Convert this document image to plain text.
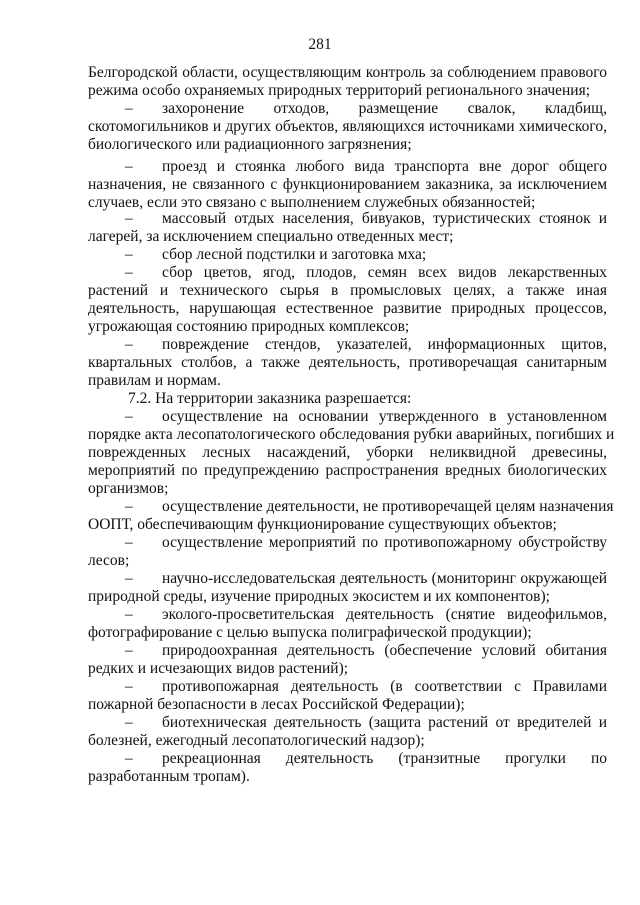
281
Белгородской области, осуществляющим контроль за соблюдением правового
режима особо охраняемых природных территорий регионального значения;
–	захоронение отходов, размещение свалок, кладбищ,
скотомогильников и других объектов, являющихся источниками химического,
биологического или радиационного загрязнения;
–	проезд и стоянка любого вида транспорта вне дорог общего
назначения, не связанного с функционированием заказника, за исключением
случаев, если это связано с выполнением служебных обязанностей;
–	массовый отдых населения, бивуаков, туристических стоянок и
лагерей, за исключением специально отведенных мест;
–	сбор лесной подстилки и заготовка мха;
–	сбор цветов, ягод, плодов, семян всех видов лекарственных
растений и технического сырья в промысловых целях, а также иная
деятельность, нарушающая естественное развитие природных процессов,
угрожающая состоянию природных комплексов;
–	повреждение стендов, указателей, информационных щитов,
квартальных столбов, а также деятельность, противоречащая санитарным
правилам и нормам.
7.2. На территории заказника разрешается:
–	осуществление на основании утвержденного в установленном
порядке акта лесопатологического обследования рубки аварийных, погибших и
поврежденных лесных насаждений, уборки неликвидной древесины,
мероприятий по предупреждению распространения вредных биологических
организмов;
–	осуществление деятельности, не противоречащей целям назначения
ООПТ, обеспечивающим функционирование существующих объектов;
–	осуществление мероприятий по противопожарному обустройству
лесов;
–	научно-исследовательская деятельность (мониторинг окружающей
природной среды, изучение природных экосистем и их компонентов);
–	эколого-просветительская деятельность (снятие видеофильмов,
фотографирование с целью выпуска полиграфической продукции);
–	природоохранная деятельность (обеспечение условий обитания
редких и исчезающих видов растений);
–	противопожарная деятельность (в соответствии с Правилами
пожарной безопасности в лесах Российской Федерации);
–	биотехническая деятельность (защита растений от вредителей и
болезней, ежегодный лесопатологический надзор);
–	рекреационная деятельность (транзитные прогулки по
разработанным тропам).
